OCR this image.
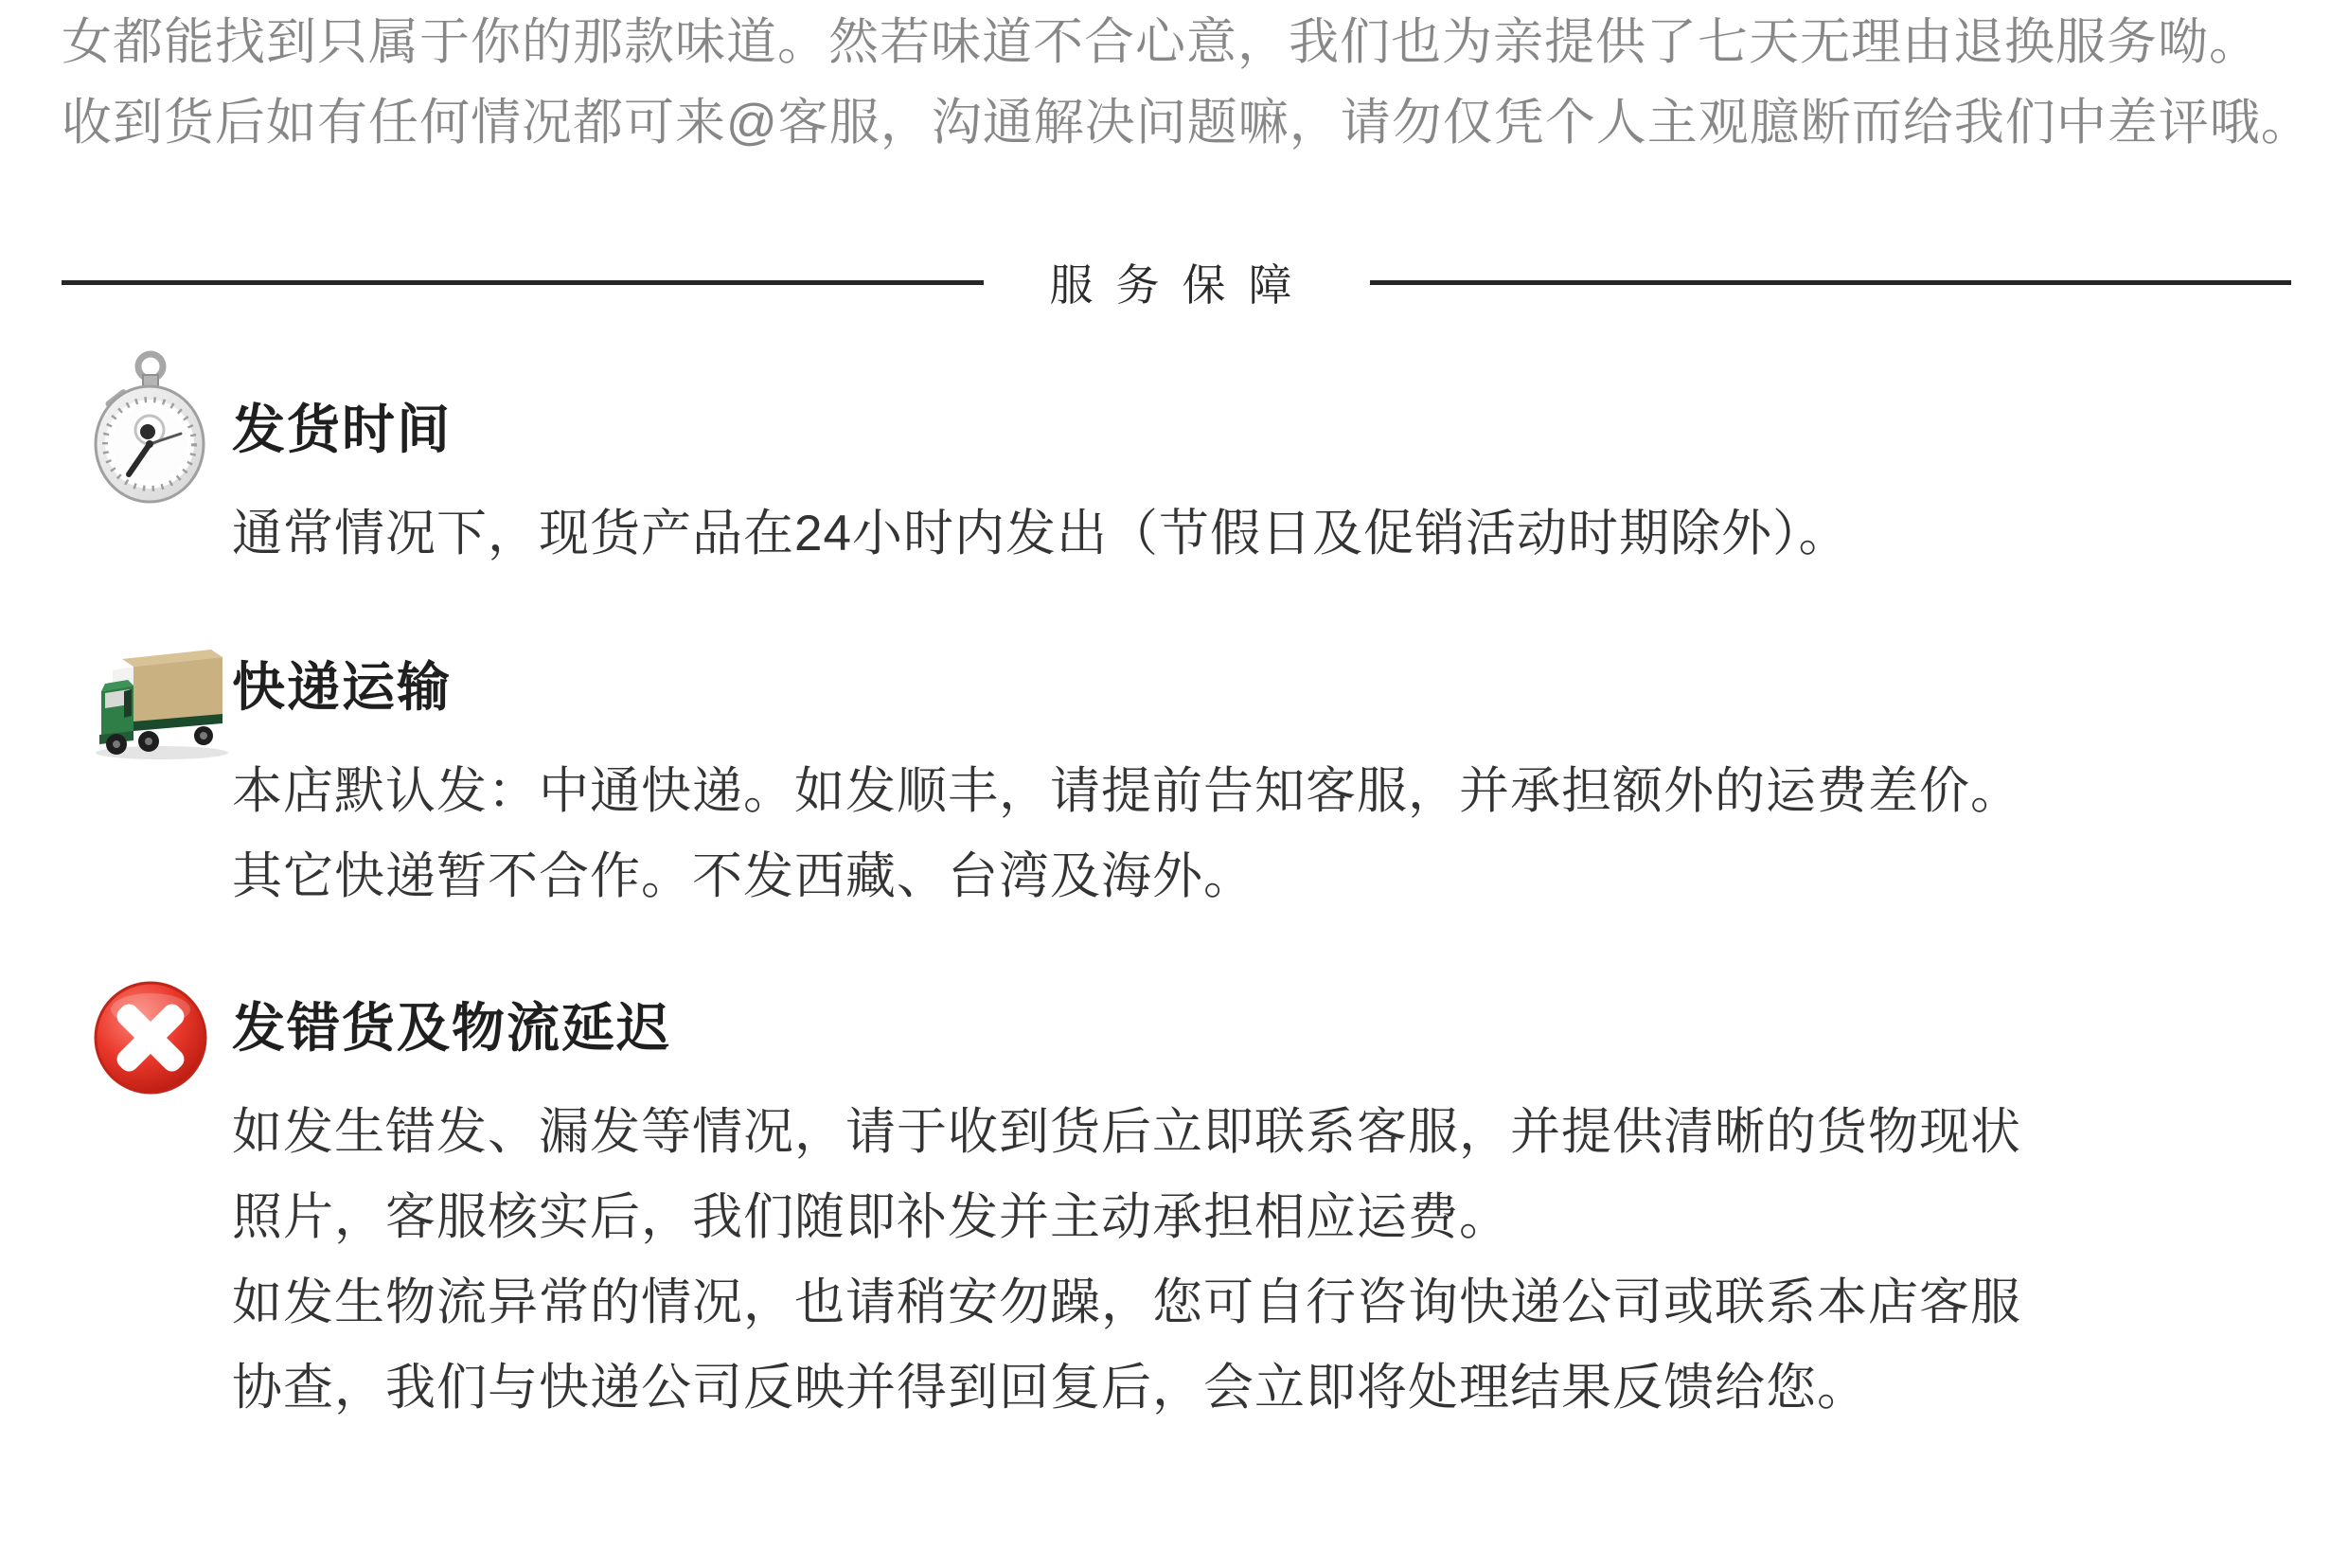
女都能找到只属于你的那款味道。然若味道不合心意，我们也为亲提供了七天无理由退换服务呦。
收到货后如有任何情况都可来@客服，沟通解决问题嘛，请勿仅凭个人主观臆断而给我们中差评哦。

服务保障
发货时间

通常情况下，现货产品在24小时内发出（节假日及促销活动时期除外）。

快递运输

本店默认发：中通快递。如发顺丰，请提前告知客服，并承担额外的运费差价。
其它快递暂不合作。不发西藏、台湾及海外。

发错货及物流延迟

如发生错发、漏发等情况，请于收到货后立即联系客服，并提供清晰的货物现状
照片，客服核实后，我们随即补发并主动承担相应运费。
如发生物流异常的情况，也请稍安勿躁，您可自行咨询快递公司或联系本店客服
协查，我们与快递公司反映并得到回复后，会立即将处理结果反馈给您。
